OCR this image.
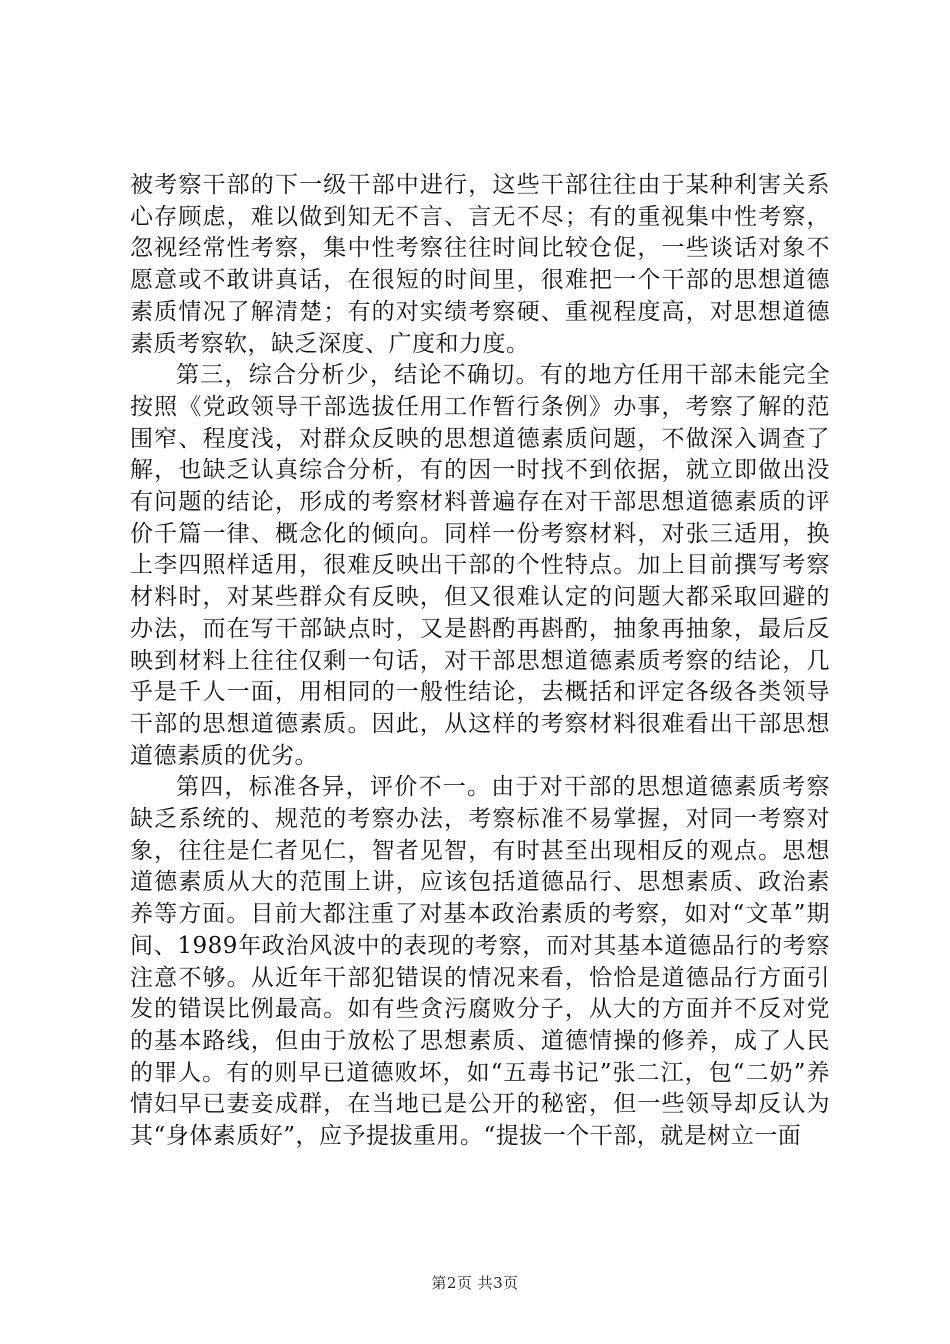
被考察干部的下一级干部中进行，这些干部往往由于某种利害关系心存顾虑，难以做到知无不言、言无不尽；有的重视集中性考察，忽视经常性考察，集中性考察往往时间比较仓促，一些谈话对象不愿意或不敢讲真话，在很短的时间里，很难把一个干部的思想道德素质情况了解清楚；有的对实绩考察硬、重视程度高，对思想道德素质考察软，缺乏深度、广度和力度。

第三，综合分析少，结论不确切。有的地方任用干部未能完全按照《党政领导干部选拔任用工作暂行条例》办事，考察了解的范围窄、程度浅，对群众反映的思想道德素质问题，不做深入调查了解，也缺乏认真综合分析，有的因一时找不到依据，就立即做出没有问题的结论，形成的考察材料普遍存在对干部思想道德素质的评价千篇一律、概念化的倾向。同样一份考察材料，对张三适用，换上李四照样适用，很难反映出干部的个性特点。加上目前撰写考察材料时，对某些群众有反映，但又很难认定的问题大都采取回避的办法，而在写干部缺点时，又是斟酌再斟酌，抽象再抽象，最后反映到材料上往往仅剩一句话，对干部思想道德素质考察的结论，几乎是千人一面，用相同的一般性结论，去概括和评定各级各类领导干部的思想道德素质。因此，从这样的考察材料很难看出干部思想道德素质的优劣。

第四，标准各异，评价不一。由于对干部的思想道德素质考察缺乏系统的、规范的考察办法，考察标准不易掌握，对同一考察对象，往往是仁者见仁，智者见智，有时甚至出现相反的观点。思想道德素质从大的范围上讲，应该包括道德品行、思想素质、政治素养等方面。目前大都注重了对基本政治素质的考察，如对“文革”期间、1989年政治风波中的表现的考察，而对其基本道德品行的考察注意不够。从近年干部犯错误的情况来看，恰恰是道德品行方面引发的错误比例最高。如有些贪污腐败分子，从大的方面并不反对党的基本路线，但由于放松了思想素质、道德情操的修养，成了人民的罪人。有的则早已道德败坏，如“五毒书记”张二江，包“二奶”养情妇早已妻妾成群，在当地已是公开的秘密，但一些领导却反认为其“身体素质好”，应予提拔重用。“提拔一个干部，就是树立一面

第2页 共3页
